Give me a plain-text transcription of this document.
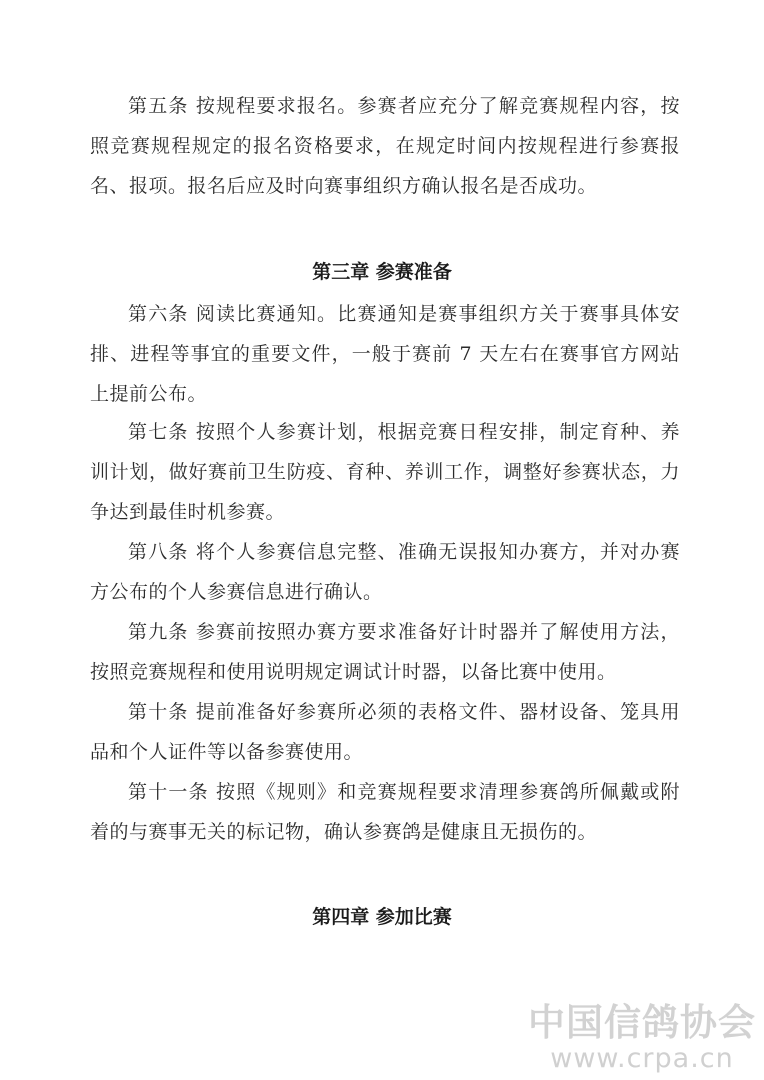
第五条 按规程要求报名。参赛者应充分了解竞赛规程内容，按照竞赛规程规定的报名资格要求，在规定时间内按规程进行参赛报名、报项。报名后应及时向赛事组织方确认报名是否成功。

第三章 参赛准备

第六条 阅读比赛通知。比赛通知是赛事组织方关于赛事具体安排、进程等事宜的重要文件，一般于赛前 7 天左右在赛事官方网站上提前公布。

第七条 按照个人参赛计划，根据竞赛日程安排，制定育种、养训计划，做好赛前卫生防疫、育种、养训工作，调整好参赛状态，力争达到最佳时机参赛。

第八条 将个人参赛信息完整、准确无误报知办赛方，并对办赛方公布的个人参赛信息进行确认。

第九条 参赛前按照办赛方要求准备好计时器并了解使用方法，按照竞赛规程和使用说明规定调试计时器，以备比赛中使用。

第十条 提前准备好参赛所必须的表格文件、器材设备、笼具用品和个人证件等以备参赛使用。

第十一条 按照《规则》和竞赛规程要求清理参赛鸽所佩戴或附着的与赛事无关的标记物，确认参赛鸽是健康且无损伤的。

第四章 参加比赛
中国信鸽协会
www.crpa.cn
